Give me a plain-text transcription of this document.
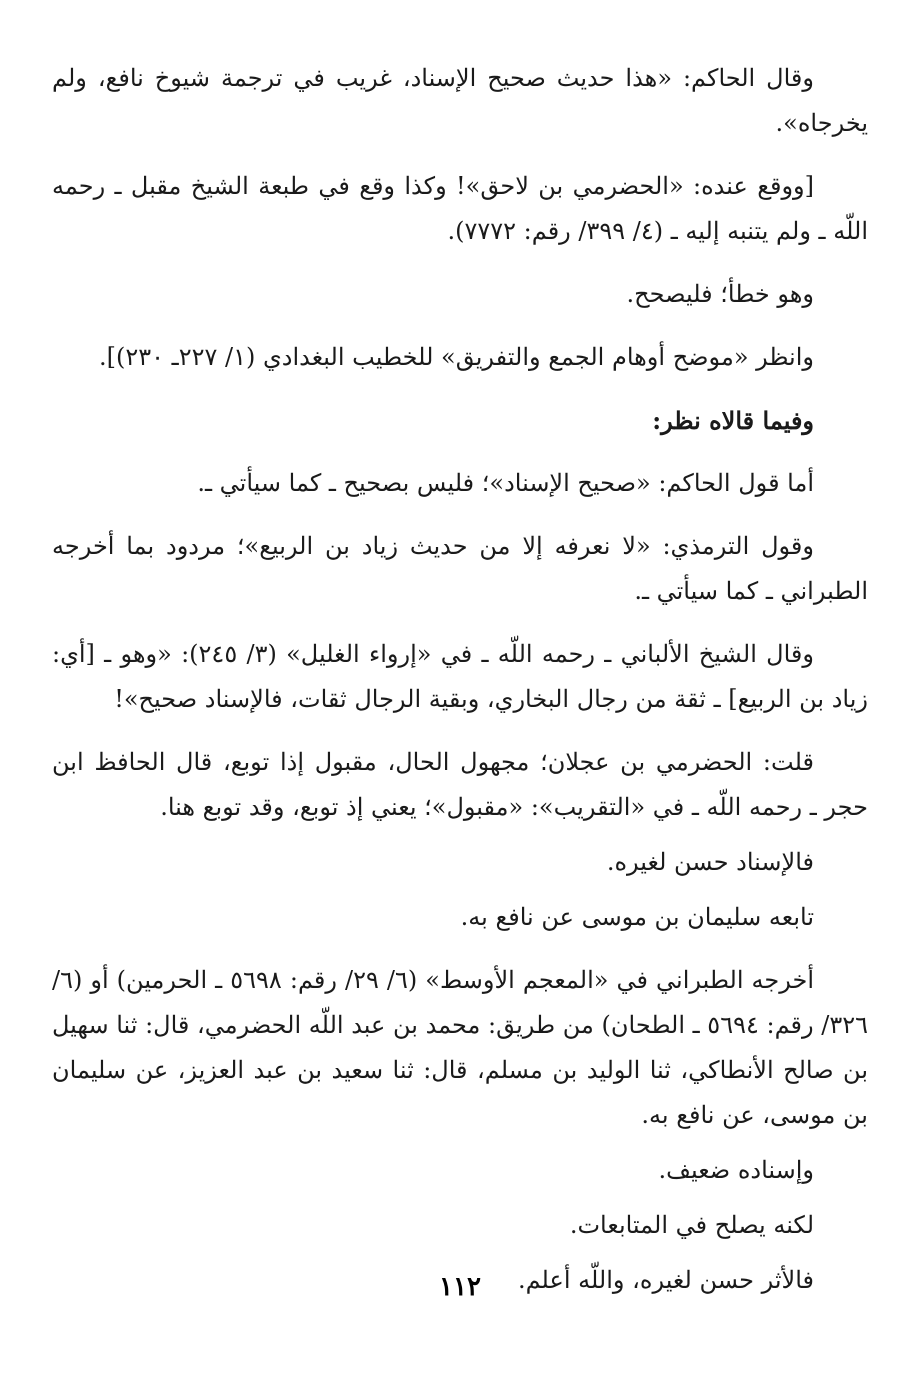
وقال الحاكم: «هذا حديث صحيح الإسناد، غريب في ترجمة شيوخ نافع، ولم يخرجاه».

[ووقع عنده: «الحضرمي بن لاحق»! وكذا وقع في طبعة الشيخ مقبل ـ رحمه اللّه ـ ولم يتنبه إليه ـ (٤/ ٣٩٩/ رقم: ٧٧٧٢).

وهو خطأ؛ فليصحح.

وانظر «موضح أوهام الجمع والتفريق» للخطيب البغدادي (١/ ٢٢٧ـ ٢٣٠)].

وفيما قالاه نظر:

أما قول الحاكم: «صحيح الإسناد»؛ فليس بصحيح ـ كما سيأتي ـ.

وقول الترمذي: «لا نعرفه إلا من حديث زياد بن الربيع»؛ مردود بما أخرجه الطبراني ـ كما سيأتي ـ.

وقال الشيخ الألباني ـ رحمه اللّه ـ في «إرواء الغليل» (٣/ ٢٤٥): «وهو ـ [أي: زياد بن الربيع] ـ ثقة من رجال البخاري، وبقية الرجال ثقات، فالإسناد صحيح»!

قلت: الحضرمي بن عجلان؛ مجهول الحال، مقبول إذا توبع، قال الحافظ ابن حجر ـ رحمه اللّه ـ في «التقريب»: «مقبول»؛ يعني إذ توبع، وقد توبع هنا.

فالإسناد حسن لغيره.

تابعه سليمان بن موسى عن نافع به.

أخرجه الطبراني في «المعجم الأوسط» (٦/ ٢٩/ رقم: ٥٦٩٨ ـ الحرمين) أو (٦/ ٣٢٦/ رقم: ٥٦٩٤ ـ الطحان) من طريق: محمد بن عبد اللّه الحضرمي، قال: ثنا سهيل بن صالح الأنطاكي، ثنا الوليد بن مسلم، قال: ثنا سعيد بن عبد العزيز، عن سليمان بن موسى، عن نافع به.

وإسناده ضعيف.

لكنه يصلح في المتابعات.

فالأثر حسن لغيره، واللّه أعلم.

١١٢
